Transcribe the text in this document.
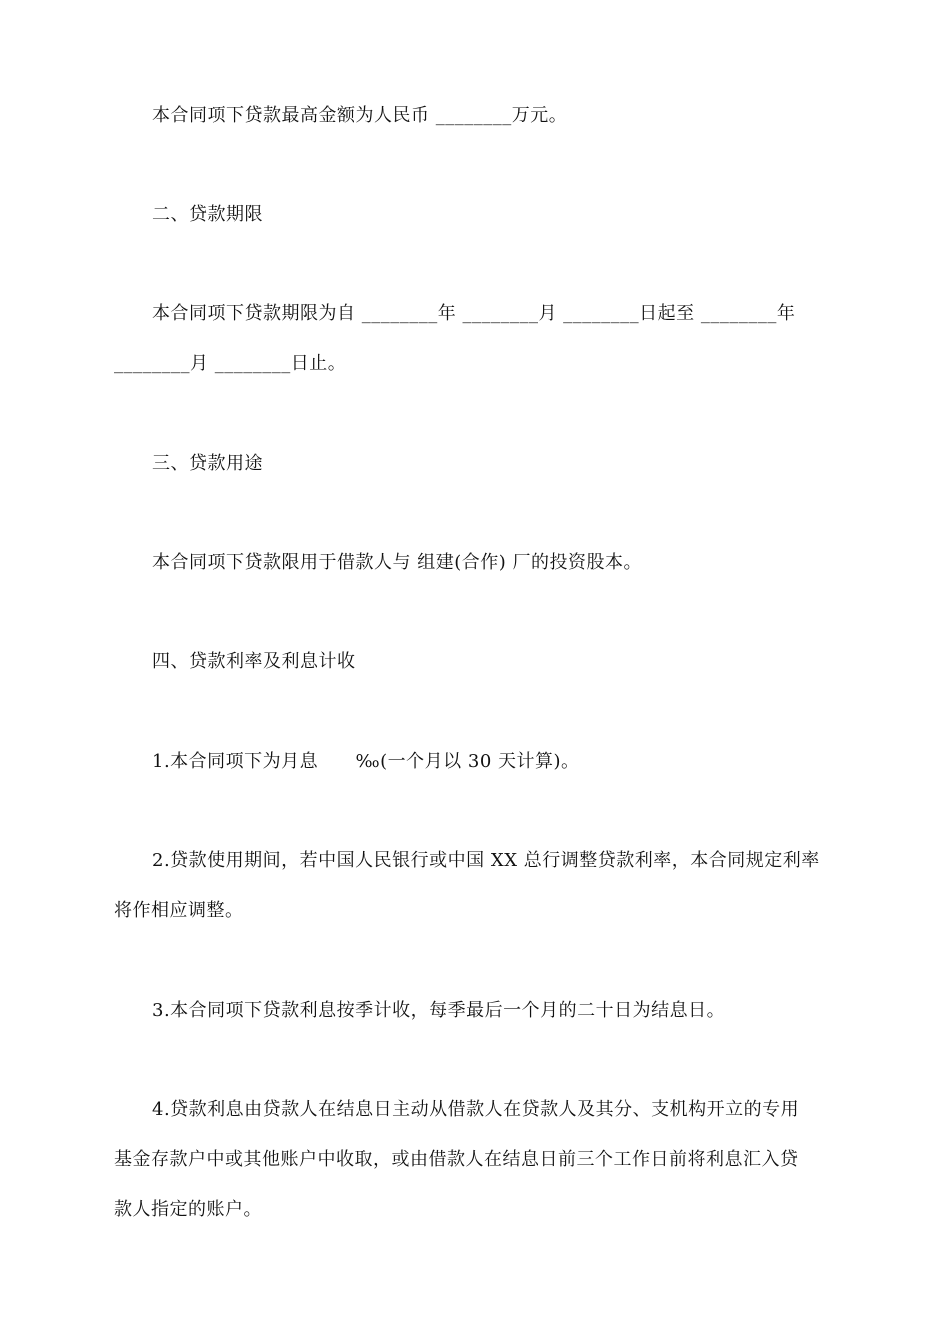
本合同项下贷款最高金额为人民币 ________万元。
二、贷款期限
本合同项下贷款期限为自 ________年 ________月 ________日起至 ________年
________月 ________日止。
三、贷款用途
本合同项下贷款限用于借款人与 组建(合作) 厂的投资股本。
四、贷款利率及利息计收
1.本合同项下为月息      ‰(一个月以 30 天计算)。
2.贷款使用期间，若中国人民银行或中国 XX 总行调整贷款利率，本合同规定利率
将作相应调整。
3.本合同项下贷款利息按季计收，每季最后一个月的二十日为结息日。
4.贷款利息由贷款人在结息日主动从借款人在贷款人及其分、支机构开立的专用
基金存款户中或其他账户中收取，或由借款人在结息日前三个工作日前将利息汇入贷
款人指定的账户。
